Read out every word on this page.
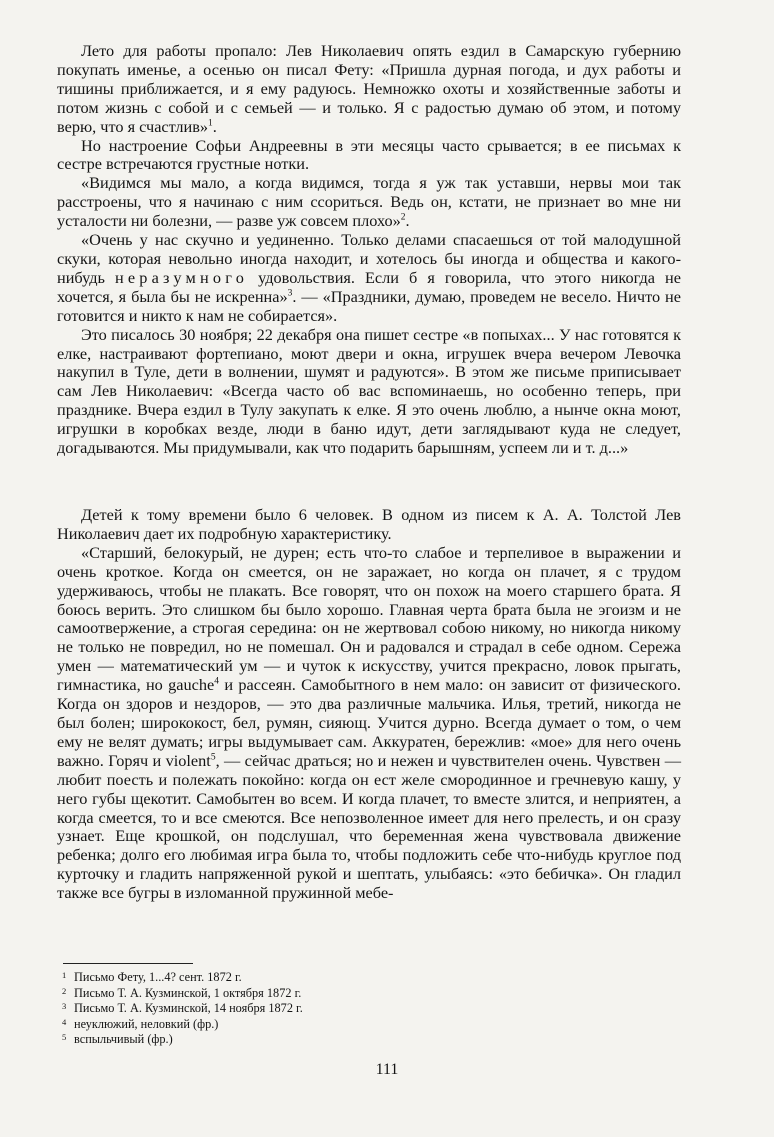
Лето для работы пропало: Лев Николаевич опять ездил в Самарскую губернию покупать именье, а осенью он писал Фету: «Пришла дурная погода, и дух работы и тишины приближается, и я ему радуюсь. Немножко охоты и хозяйственные заботы и потом жизнь с собой и с семьей — и только. Я с радостью думаю об этом, и потому верю, что я счастлив»$^1$.

Но настроение Софьи Андреевны в эти месяцы часто срывается; в ее письмах к сестре встречаются грустные нотки.

«Видимся мы мало, а когда видимся, тогда я уж так уставши, нервы мои так расстроены, что я начинаю с ним ссориться. Ведь он, кстати, не признает во мне ни усталости ни болезни, — разве уж совсем плохо»$^2$.

«Очень у нас скучно и уединенно. Только делами спасаешься от той малодушной скуки, которая невольно иногда находит, и хотелось бы иногда и общества и какого-нибудь неразумного удовольствия. Если б я говорила, что этого никогда не хочется, я была бы не искренна»$^3$. — «Праздники, думаю, проведем не весело. Ничто не готовится и никто к нам не собирается».

Это писалось 30 ноября; 22 декабря она пишет сестре «в попыхах... У нас готовятся к елке, настраивают фортепиано, моют двери и окна, игрушек вчера вечером Левочка накупил в Туле, дети в волнении, шумят и радуются». В этом же письме приписывает сам Лев Николаевич: «Всегда часто об вас вспоминаешь, но особенно теперь, при празднике. Вчера ездил в Тулу закупать к елке. Я это очень люблю, а нынче окна моют, игрушки в коробках везде, люди в баню идут, дети заглядывают куда не следует, догадываются. Мы придумывали, как что подарить барышням, успеем ли и т. д...»

Детей к тому времени было 6 человек. В одном из писем к А. А. Толстой Лев Николаевич дает их подробную характеристику.

«Старший, белокурый, не дурен; есть что-то слабое и терпеливое в выражении и очень кроткое. Когда он смеется, он не заражает, но когда он плачет, я с трудом удерживаюсь, чтобы не плакать. Все говорят, что он похож на моего старшего брата. Я боюсь верить. Это слишком бы было хорошо. Главная черта брата была не эгоизм и не самоотвержение, а строгая середина: он не жертвовал собою никому, но никогда никому не только не повредил, но не помешал. Он и радовался и страдал в себе одном. Сережа умен — математический ум — и чуток к искусству, учится прекрасно, ловок прыгать, гимнастика, но gauche$^4$ и рассеян. Самобытного в нем мало: он зависит от физического. Когда он здоров и нездоров, — это два различные мальчика. Илья, третий, никогда не был болен; ширококост, бел, румян, сияющ. Учится дурно. Всегда думает о том, о чем ему не велят думать; игры выдумывает сам. Аккуратен, бережлив: «мое» для него очень важно. Горяч и violent$^5$, — сейчас драться; но и нежен и чувствителен очень. Чувствен — любит поесть и полежать покойно: когда он ест желе смородинное и гречневую кашу, у него губы щекотит. Самобытен во всем. И когда плачет, то вместе злится, и неприятен, а когда смеется, то и все смеются. Все непозволенное имеет для него прелесть, и он сразу узнает. Еще крошкой, он подслушал, что беременная жена чувствовала движение ребенка; долго его любимая игра была то, чтобы подложить себе что-нибудь круглое под курточку и гладить напряженной рукой и шептать, улыбаясь: «это бебичка». Он гладил также все бугры в изломанной пружинной мебе-

1 Письмо Фету, 1...4? сент. 1872 г.
2 Письмо Т. А. Кузминской, 1 октября 1872 г.
3 Письмо Т. А. Кузминской, 14 ноября 1872 г.
4 неуклюжий, неловкий (фр.)
5 вспыльчивый (фр.)
111
